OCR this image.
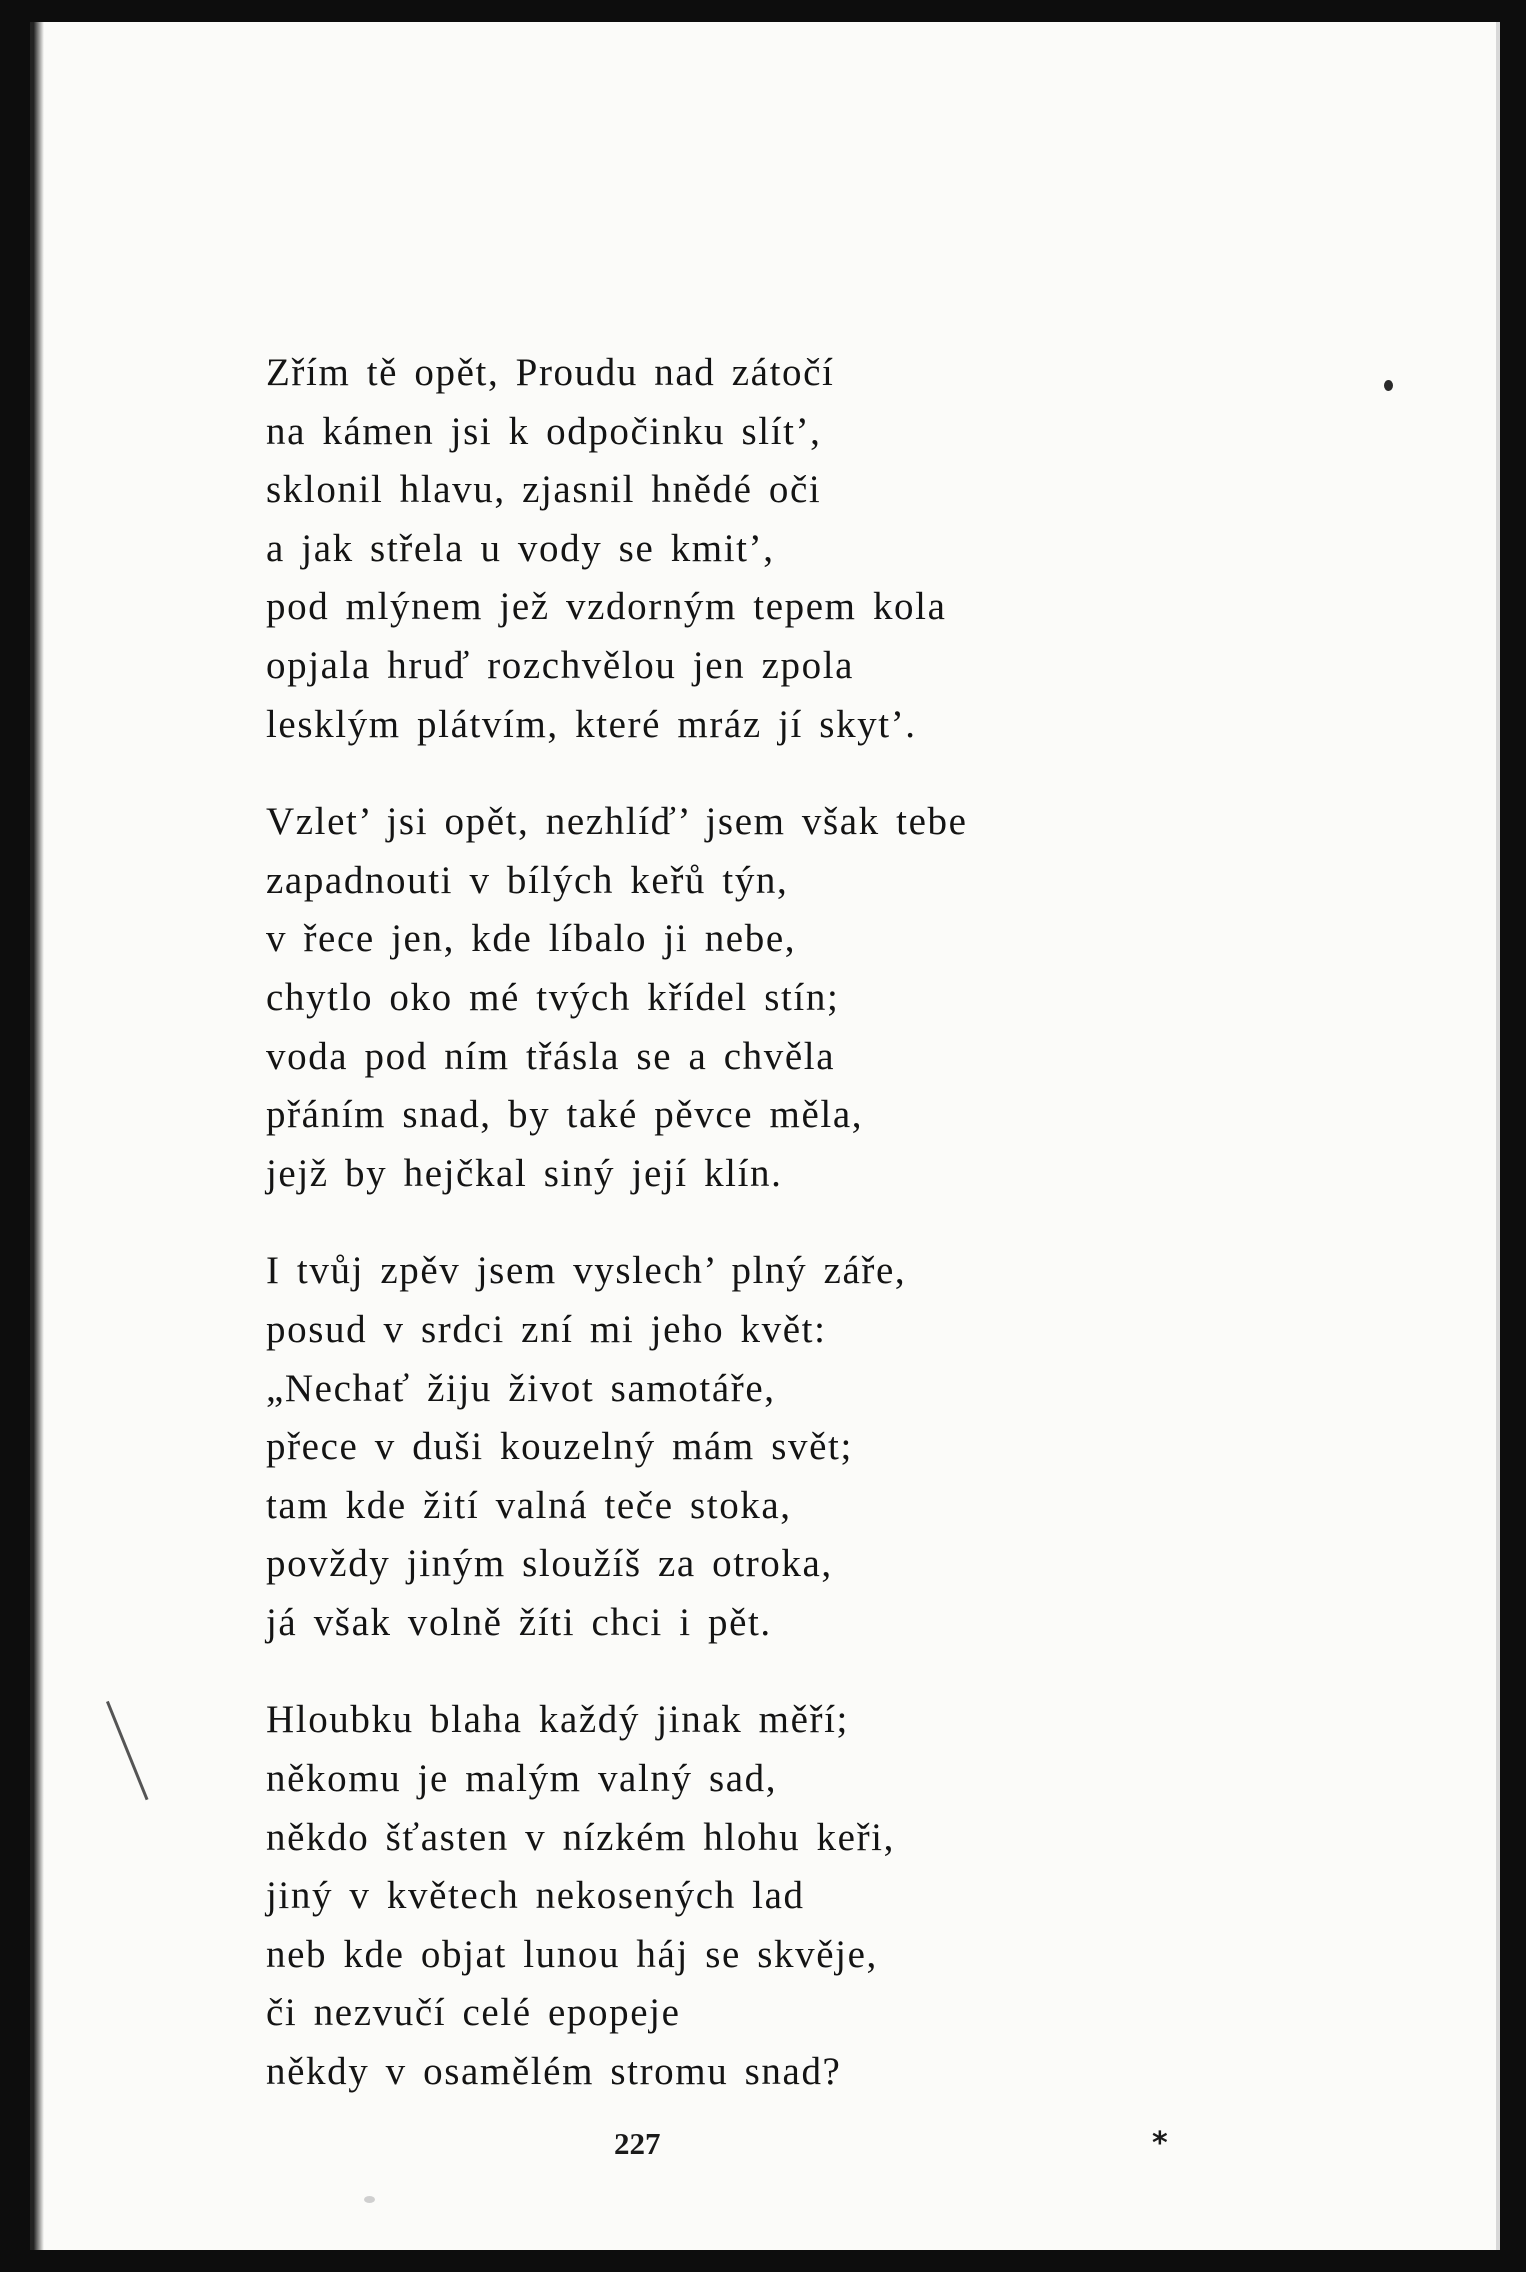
Zřím tě opět, Proudu nad zátočí
na kámen jsi k odpočinku slít’,
sklonil hlavu, zjasnil hnědé oči
a jak střela u vody se kmit’,
pod mlýnem jež vzdorným tepem kola
opjala hruď rozchvělou jen zpola
lesklým plátvím, které mráz jí skyt’.
Vzlet’ jsi opět, nezhlíď’ jsem však tebe
zapadnouti v bílých keřů týn,
v řece jen, kde líbalo ji nebe,
chytlo oko mé tvých křídel stín;
voda pod ním třásla se a chvěla
přáním snad, by také pěvce měla,
jejž by hejčkal siný její klín.
I tvůj zpěv jsem vyslech’ plný záře,
posud v srdci zní mi jeho květ:
„Nechať žiju život samotáře,
přece v duši kouzelný mám svět;
tam kde žití valná teče stoka,
povždy jiným sloužíš za otroka,
já však volně žíti chci i pět.
Hloubku blaha každý jinak měří;
někomu je malým valný sad,
někdo šťasten v nízkém hlohu keři,
jiný v květech nekosených lad
neb kde objat lunou háj se skvěje,
či nezvučí celé epopeje
někdy v osamělém stromu snad?
227	*
